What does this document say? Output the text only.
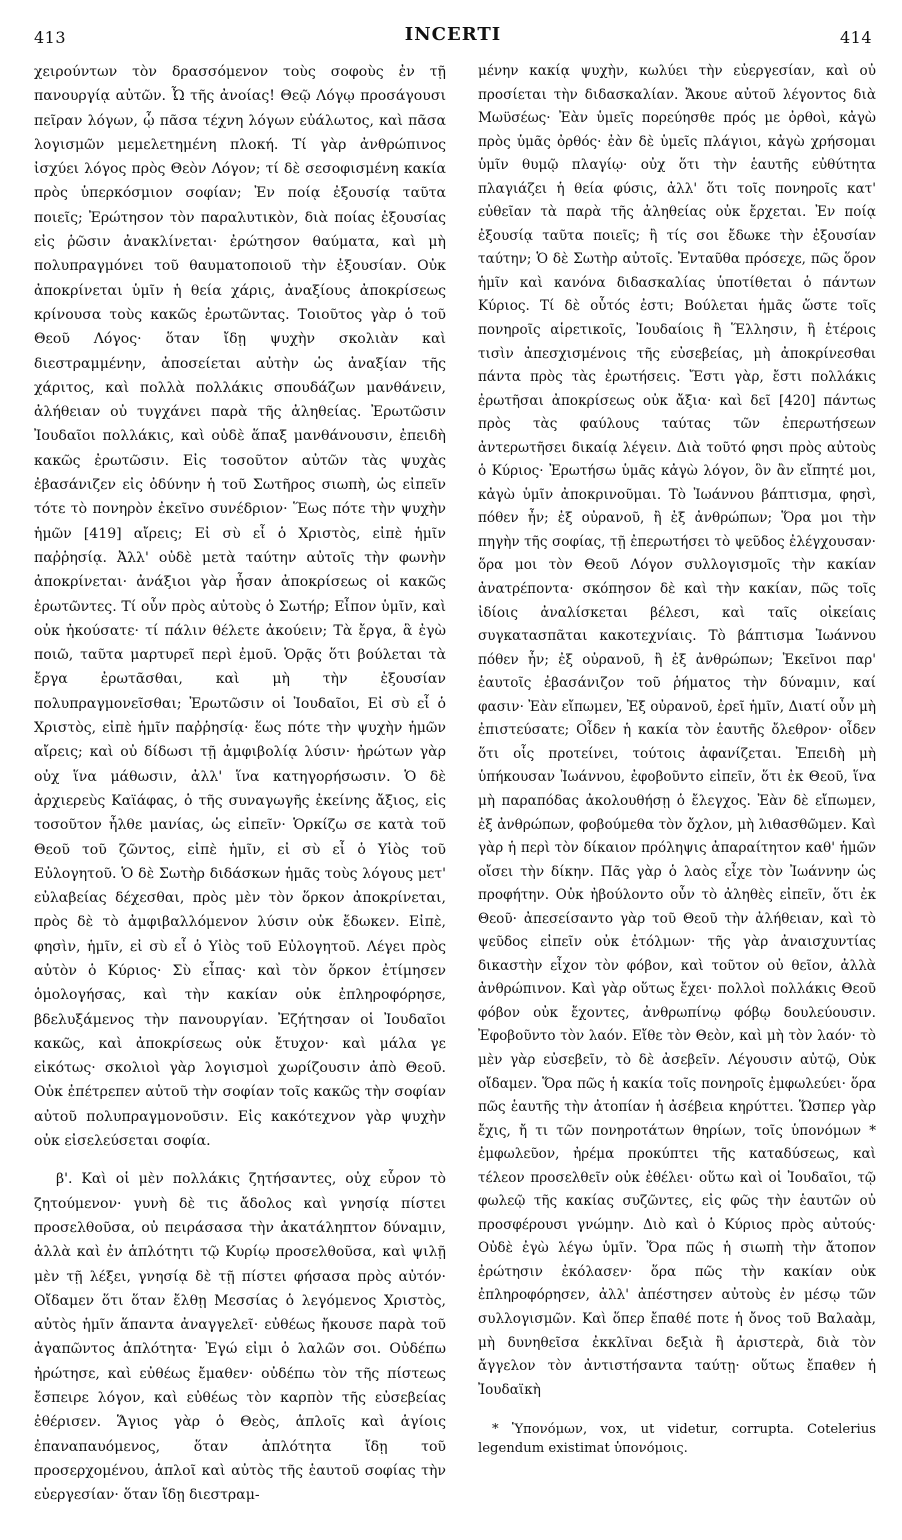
413	INCERTI	414

χειρούντων τὸν δρασσόμενον τοὺς σοφοὺς ἐν τῇ πανουργίᾳ αὐτῶν. Ὦ τῆς ἀνοίας! Θεῷ Λόγῳ προσάγουσι πεῖραν λόγων, ᾧ πᾶσα τέχνη λόγων εὐάλωτος, καὶ πᾶσα λογισμῶν μεμελετημένη πλοκή. Τί γὰρ ἀνθρώπινος ἰσχύει λόγος πρὸς Θεὸν Λόγον; τί δὲ σεσοφισμένη κακία πρὸς ὑπερκόσμιον σοφίαν; Ἐν ποίᾳ ἐξουσίᾳ ταῦτα ποιεῖς; Ἐρώτησον τὸν παραλυτικὸν, διὰ ποίας ἐξουσίας εἰς ῥῶσιν ἀνακλίνεται· ἐρώτησον θαύματα, καὶ μὴ πολυπραγμόνει τοῦ θαυματοποιοῦ τὴν ἐξουσίαν. Οὐκ ἀποκρίνεται ὑμῖν ἡ θεία χάρις, ἀναξίους ἀποκρίσεως κρίνουσα τοὺς κακῶς ἐρωτῶντας. Τοιοῦτος γὰρ ὁ τοῦ Θεοῦ Λόγος· ὅταν ἴδῃ ψυχὴν σκολιὰν καὶ διεστραμμένην, ἀποσείεται αὐτὴν ὡς ἀναξίαν τῆς χάριτος, καὶ πολλὰ πολλάκις σπουδάζων μανθάνειν, ἀλήθειαν οὐ τυγχάνει παρὰ τῆς ἀληθείας. Ἐρωτῶσιν Ἰουδαῖοι πολλάκις, καὶ οὐδὲ ἅπαξ μανθάνουσιν, ἐπειδὴ κακῶς ἐρωτῶσιν. Εἰς τοσοῦτον αὐτῶν τὰς ψυχὰς ἐβασάνιζεν εἰς ὀδύνην ἡ τοῦ Σωτῆρος σιωπὴ, ὡς εἰπεῖν τότε τὸ πονηρὸν ἐκεῖνο συνέδριον· Ἕως πότε τὴν ψυχὴν ἡμῶν [419] αἴρεις; Εἰ σὺ εἶ ὁ Χριστὸς, εἰπὲ ἡμῖν παῤῥησίᾳ. Ἀλλ' οὐδὲ μετὰ ταύτην αὐτοῖς τὴν φωνὴν ἀποκρίνεται· ἀνάξιοι γὰρ ἦσαν ἀποκρίσεως οἱ κακῶς ἐρωτῶντες. Τί οὖν πρὸς αὐτοὺς ὁ Σωτήρ; Εἶπον ὑμῖν, καὶ οὐκ ἠκούσατε· τί πάλιν θέλετε ἀκούειν; Τὰ ἔργα, ἃ ἐγὼ ποιῶ, ταῦτα μαρτυρεῖ περὶ ἐμοῦ. Ὁρᾷς ὅτι βούλεται τὰ ἔργα ἐρωτᾶσθαι, καὶ μὴ τὴν ἐξουσίαν πολυπραγμονεῖσθαι; Ἐρωτῶσιν οἱ Ἰουδαῖοι, Εἰ σὺ εἶ ὁ Χριστὸς, εἰπὲ ἡμῖν παῤῥησίᾳ· ἕως πότε τὴν ψυχὴν ἡμῶν αἴρεις; καὶ οὐ δίδωσι τῇ ἀμφιβολίᾳ λύσιν· ἠρώτων γὰρ οὐχ ἵνα μάθωσιν, ἀλλ' ἵνα κατηγορήσωσιν. Ὁ δὲ ἀρχιερεὺς Καϊάφας, ὁ τῆς συναγωγῆς ἐκείνης ἄξιος, εἰς τοσοῦτον ἦλθε μανίας, ὡς εἰπεῖν· Ὁρκίζω σε κατὰ τοῦ Θεοῦ τοῦ ζῶντος, εἰπὲ ἡμῖν, εἰ σὺ εἶ ὁ Υἱὸς τοῦ Εὐλογητοῦ. Ὁ δὲ Σωτὴρ διδάσκων ἡμᾶς τοὺς λόγους μετ' εὐλαβείας δέχεσθαι, πρὸς μὲν τὸν ὅρκον ἀποκρίνεται, πρὸς δὲ τὸ ἀμφιβαλλόμενον λύσιν οὐκ ἔδωκεν. Εἰπὲ, φησὶν, ἡμῖν, εἰ σὺ εἶ ὁ Υἱὸς τοῦ Εὐλογητοῦ. Λέγει πρὸς αὐτὸν ὁ Κύριος· Σὺ εἶπας· καὶ τὸν ὅρκον ἐτίμησεν ὁμολογήσας, καὶ τὴν κακίαν οὐκ ἐπληροφόρησε, βδελυξάμενος τὴν πανουργίαν. Ἐζήτησαν οἱ Ἰουδαῖοι κακῶς, καὶ ἀποκρίσεως οὐκ ἔτυχον· καὶ μάλα γε εἰκότως· σκολιοὶ γὰρ λογισμοὶ χωρίζουσιν ἀπὸ Θεοῦ. Οὐκ ἐπέτρεπεν αὐτοῦ τὴν σοφίαν τοῖς κακῶς τὴν σοφίαν αὐτοῦ πολυπραγμονοῦσιν. Εἰς κακότεχνον γὰρ ψυχὴν οὐκ εἰσελεύσεται σοφία.

β'. Καὶ οἱ μὲν πολλάκις ζητήσαντες, οὐχ εὗρον τὸ ζητούμενον· γυνὴ δὲ τις ἄδολος καὶ γνησίᾳ πίστει προσελθοῦσα, οὐ πειράσασα τὴν ἀκατάληπτον δύναμιν, ἀλλὰ καὶ ἐν ἁπλότητι τῷ Κυρίῳ προσελθοῦσα, καὶ ψιλῇ μὲν τῇ λέξει, γνησίᾳ δὲ τῇ πίστει φήσασα πρὸς αὐτόν· Οἴδαμεν ὅτι ὅταν ἔλθῃ Μεσσίας ὁ λεγόμενος Χριστὸς, αὐτὸς ἡμῖν ἅπαντα ἀναγγελεῖ· εὐθέως ἤκουσε παρὰ τοῦ ἀγαπῶντος ἁπλότητα· Ἐγώ εἰμι ὁ λαλῶν σοι. Οὐδέπω ἠρώτησε, καὶ εὐθέως ἔμαθεν· οὐδέπω τὸν τῆς πίστεως ἔσπειρε λόγον, καὶ εὐθέως τὸν καρπὸν τῆς εὐσεβείας ἐθέρισεν. Ἅγιος γὰρ ὁ Θεὸς, ἁπλοῖς καὶ ἁγίοις ἐπαναπαυόμενος, ὅταν ἁπλότητα ἴδῃ τοῦ προσερχομένου, ἁπλοῖ καὶ αὐτὸς τῆς ἑαυτοῦ σοφίας τὴν εὐεργεσίαν· ὅταν ἴδῃ διεστραμ-

μένην κακίᾳ ψυχὴν, κωλύει τὴν εὐεργεσίαν, καὶ οὐ προσίεται τὴν διδασκαλίαν. Ἄκουε αὐτοῦ λέγοντος διὰ Μωϋσέως· Ἐὰν ὑμεῖς πορεύησθε πρός με ὀρθοὶ, κἀγὼ πρὸς ὑμᾶς ὀρθός· ἐὰν δὲ ὑμεῖς πλάγιοι, κἀγὼ χρήσομαι ὑμῖν θυμῷ πλαγίῳ· οὐχ ὅτι τὴν ἑαυτῆς εὐθύτητα πλαγιάζει ἡ θεία φύσις, ἀλλ' ὅτι τοῖς πονηροῖς κατ' εὐθεῖαν τὰ παρὰ τῆς ἀληθείας οὐκ ἔρχεται. Ἐν ποίᾳ ἐξουσίᾳ ταῦτα ποιεῖς; ἢ τίς σοι ἔδωκε τὴν ἐξουσίαν ταύτην; Ὁ δὲ Σωτὴρ αὐτοῖς. Ἐνταῦθα πρόσεχε, πῶς ὅρον ἡμῖν καὶ κανόνα διδασκαλίας ὑποτίθεται ὁ πάντων Κύριος. Τί δὲ οὗτός ἐστι; Βούλεται ἡμᾶς ὥστε τοῖς πονηροῖς αἱρετικοῖς, Ἰουδαίοις ἢ Ἕλλησιν, ἢ ἑτέροις τισὶν ἀπεσχισμένοις τῆς εὐσεβείας, μὴ ἀποκρίνεσθαι πάντα πρὸς τὰς ἐρωτήσεις. Ἔστι γὰρ, ἔστι πολλάκις ἐρωτῆσαι ἀποκρίσεως οὐκ ἄξια· καὶ δεῖ [420] πάντως πρὸς τὰς φαύλους ταύτας τῶν ἐπερωτήσεων ἀντερωτῆσει δικαίᾳ λέγειν. Διὰ τοῦτό φησι πρὸς αὐτοὺς ὁ Κύριος· Ἐρωτήσω ὑμᾶς κἀγὼ λόγον, ὃν ἂν εἴπητέ μοι, κἀγὼ ὑμῖν ἀποκρινοῦμαι. Τὸ Ἰωάννου βάπτισμα, φησὶ, πόθεν ἦν; ἐξ οὐρανοῦ, ἢ ἐξ ἀνθρώπων; Ὅρα μοι τὴν πηγὴν τῆς σοφίας, τῇ ἐπερωτήσει τὸ ψεῦδος ἐλέγχουσαν· ὅρα μοι τὸν Θεοῦ Λόγον συλλογισμοῖς τὴν κακίαν ἀνατρέποντα· σκόπησον δὲ καὶ τὴν κακίαν, πῶς τοῖς ἰδίοις ἀναλίσκεται βέλεσι, καὶ ταῖς οἰκείαις συγκατασπᾶται κακοτεχνίαις. Τὸ βάπτισμα Ἰωάννου πόθεν ἦν; ἐξ οὐρανοῦ, ἢ ἐξ ἀνθρώπων; Ἐκεῖνοι παρ' ἑαυτοῖς ἐβασάνιζον τοῦ ῥήματος τὴν δύναμιν, καί φασιν· Ἐὰν εἴπωμεν, Ἐξ οὐρανοῦ, ἐρεῖ ἡμῖν, Διατί οὖν μὴ ἐπιστεύσατε; Οἶδεν ἡ κακία τὸν ἑαυτῆς ὄλεθρον· οἶδεν ὅτι οἷς προτείνει, τούτοις ἀφανίζεται. Ἐπειδὴ μὴ ὑπήκουσαν Ἰωάννου, ἐφοβοῦντο εἰπεῖν, ὅτι ἐκ Θεοῦ, ἵνα μὴ παραπόδας ἀκολουθήσῃ ὁ ἔλεγχος. Ἐὰν δὲ εἴπωμεν, ἐξ ἀνθρώπων, φοβούμεθα τὸν ὄχλον, μὴ λιθασθῶμεν. Καὶ γὰρ ἡ περὶ τὸν δίκαιον πρόληψις ἀπαραίτητον καθ' ἡμῶν οἴσει τὴν δίκην. Πᾶς γὰρ ὁ λαὸς εἶχε τὸν Ἰωάννην ὡς προφήτην. Οὐκ ἠβούλοντο οὖν τὸ ἀληθὲς εἰπεῖν, ὅτι ἐκ Θεοῦ· ἀπεσείσαντο γὰρ τοῦ Θεοῦ τὴν ἀλήθειαν, καὶ τὸ ψεῦδος εἰπεῖν οὐκ ἐτόλμων· τῆς γὰρ ἀναισχυντίας δικαστὴν εἶχον τὸν φόβον, καὶ τοῦτον οὐ θεῖον, ἀλλὰ ἀνθρώπινον. Καὶ γὰρ οὕτως ἔχει· πολλοὶ πολλάκις Θεοῦ φόβον οὐκ ἔχοντες, ἀνθρωπίνῳ φόβῳ δουλεύουσιν. Ἐφοβοῦντο τὸν λαόν. Εἴθε τὸν Θεὸν, καὶ μὴ τὸν λαόν· τὸ μὲν γὰρ εὐσεβεῖν, τὸ δὲ ἀσεβεῖν. Λέγουσιν αὐτῷ, Οὐκ οἴδαμεν. Ὅρα πῶς ἡ κακία τοῖς πονηροῖς ἐμφωλεύει· ὅρα πῶς ἑαυτῆς τὴν ἀτοπίαν ἡ ἀσέβεια κηρύττει. Ὥσπερ γὰρ ἔχις, ἤ τι τῶν πονηροτάτων θηρίων, τοῖς ὑπονόμων * ἐμφωλεῦον, ἠρέμα προκύπτει τῆς καταδύσεως, καὶ τέλεον προσελθεῖν οὐκ ἐθέλει· οὕτω καὶ οἱ Ἰουδαῖοι, τῷ φωλεῷ τῆς κακίας συζῶντες, εἰς φῶς τὴν ἑαυτῶν οὐ προσφέρουσι γνώμην. Διὸ καὶ ὁ Κύριος πρὸς αὐτούς· Οὐδὲ ἐγὼ λέγω ὑμῖν. Ὅρα πῶς ἡ σιωπὴ τὴν ἄτοπον ἐρώτησιν ἐκόλασεν· ὅρα πῶς τὴν κακίαν οὐκ ἐπληροφόρησεν, ἀλλ' ἀπέστησεν αὐτοὺς ἐν μέσῳ τῶν συλλογισμῶν. Καὶ ὅπερ ἔπαθέ ποτε ἡ ὄνος τοῦ Βαλαὰμ, μὴ δυνηθεῖσα ἐκκλῖναι δεξιὰ ἢ ἀριστερὰ, διὰ τὸν ἄγγελον τὸν ἀντιστήσαντα ταύτῃ· οὕτως ἔπαθεν ἡ Ἰουδαϊκὴ

* Ὑπονόμων, vox, ut videtur, corrupta. Cotelerius legendum existimat ὑπονόμοις.
